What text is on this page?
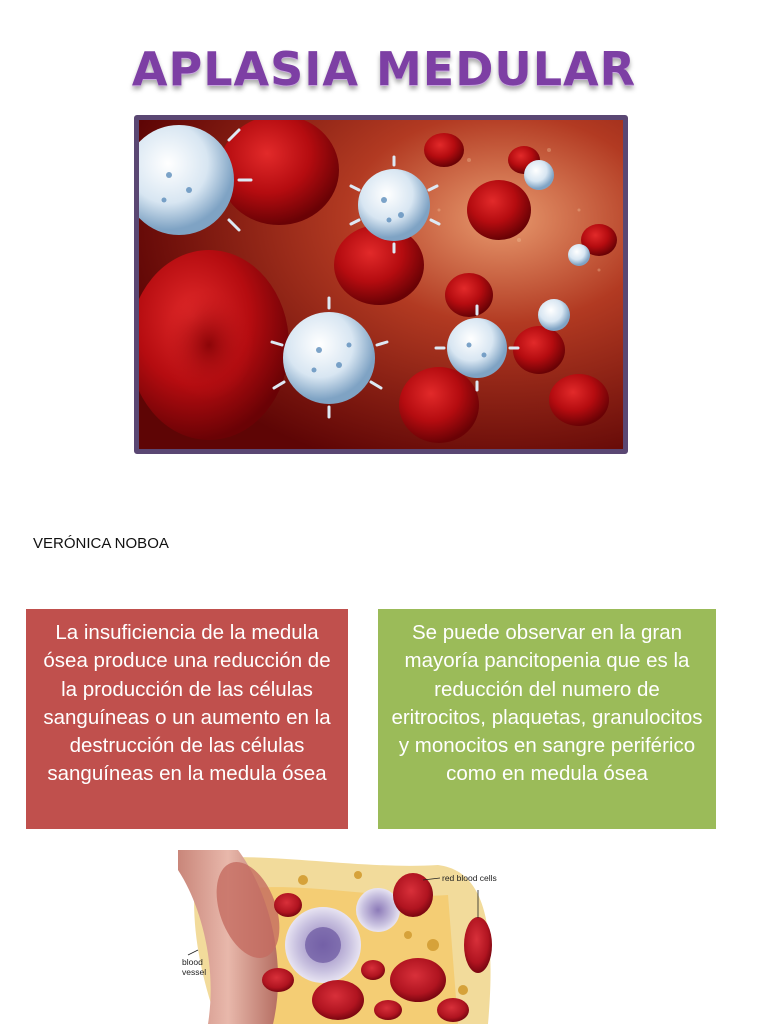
APLASIA MEDULAR
VERÓNICA NOBOA
La insuficiencia de la medula ósea produce una reducción de la producción de las células sanguíneas o un aumento en la destrucción de las células sanguíneas en la medula ósea
Se puede observar en la gran mayoría pancitopenia que es la reducción del numero de eritrocitos, plaquetas, granulocitos y monocitos en sangre periférico como en medula ósea
red blood cells
blood
vessel
